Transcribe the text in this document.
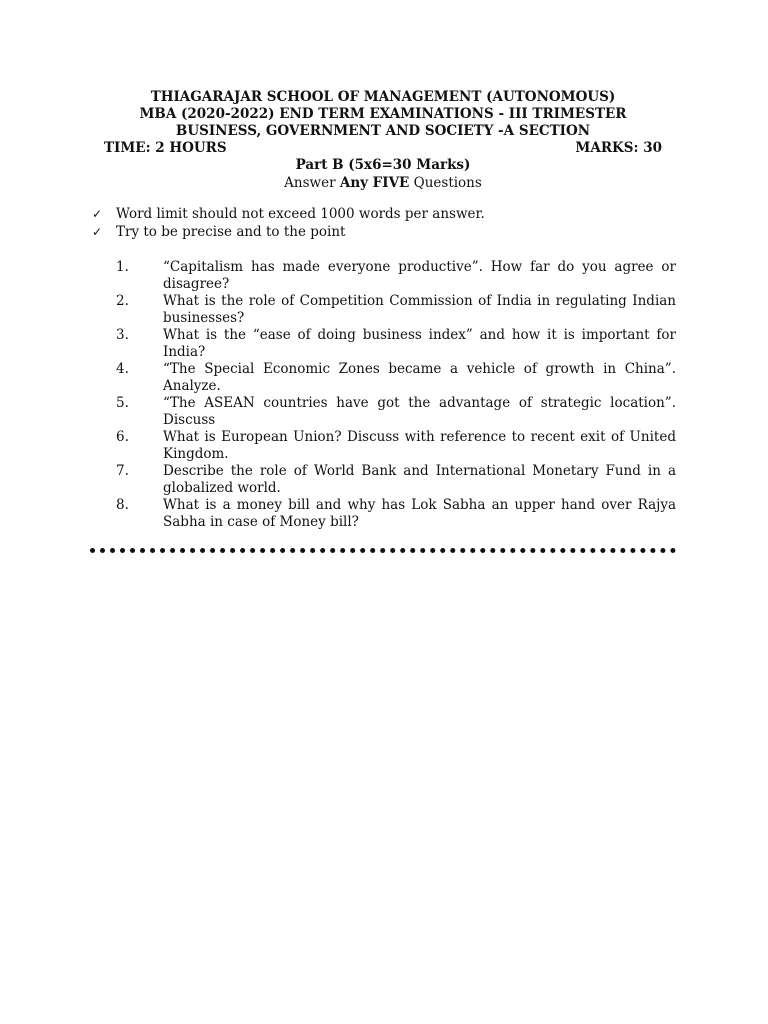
THIAGARAJAR SCHOOL OF MANAGEMENT (AUTONOMOUS)
MBA (2020-2022) END TERM EXAMINATIONS - III TRIMESTER
BUSINESS, GOVERNMENT AND SOCIETY -A SECTION
TIME: 2 HOURS	MARKS: 30
Part B (5x6=30 Marks)
Answer Any FIVE Questions
✓ Word limit should not exceed 1000 words per answer.
✓ Try to be precise and to the point
1.	“Capitalism has made everyone productive”. How far do you agree or disagree?
2.	What is the role of Competition Commission of India in regulating Indian businesses?
3.	What is the “ease of doing business index” and how it is important for India?
4.	“The Special Economic Zones became a vehicle of growth in China”. Analyze.
5.	“The ASEAN countries have got the advantage of strategic location”. Discuss
6.	What is European Union? Discuss with reference to recent exit of United Kingdom.
7.	Describe the role of World Bank and International Monetary Fund in a globalized world.
8.	What is a money bill and why has Lok Sabha an upper hand over Rajya Sabha in case of Money bill?
